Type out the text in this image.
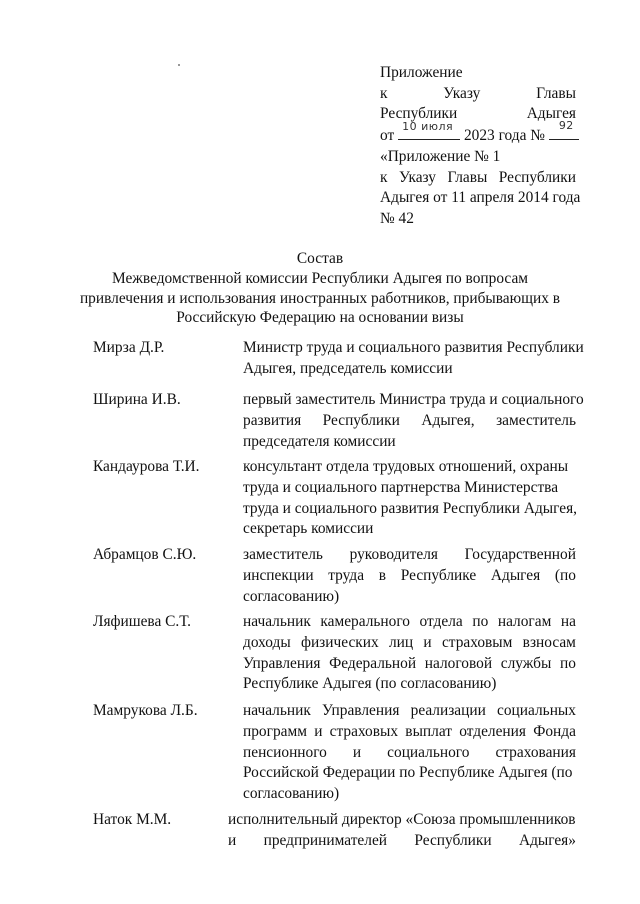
Приложение
к	Указу	Главы
Республики	Адыгея
от
10 июля
2023 года №
92
«Приложение № 1
к Указу Главы Республики
Адыгея от 11 апреля 2014 года
№ 42
Состав
Межведомственной комиссии Республики Адыгея по вопросам
привлечения и использования иностранных работников, прибывающих в
Российскую Федерацию на основании визы
Мирза Д.Р.	Министр труда и социального развития Республики
Адыгея, председатель комиссии
Ширина И.В.	первый заместитель Министра труда и социального
развития Республики Адыгея, заместитель
председателя комиссии
Кандаурова Т.И.	консультант отдела трудовых отношений, охраны
труда и социального партнерства Министерства
труда и социального развития Республики Адыгея,
секретарь комиссии
Абрамцов С.Ю.	заместитель руководителя Государственной
инспекции труда в Республике Адыгея (по
согласованию)
Ляфишева С.Т.	начальник камерального отдела по налогам на
доходы физических лиц и страховым взносам
Управления Федеральной налоговой службы по
Республике Адыгея (по согласованию)
Мамрукова Л.Б.	начальник Управления реализации социальных
программ и страховых выплат отделения Фонда
пенсионного и социального страхования
Российской Федерации по Республике Адыгея (по
согласованию)
Наток М.М.	исполнительный директор «Союза промышленников
и предпринимателей Республики Адыгея»
